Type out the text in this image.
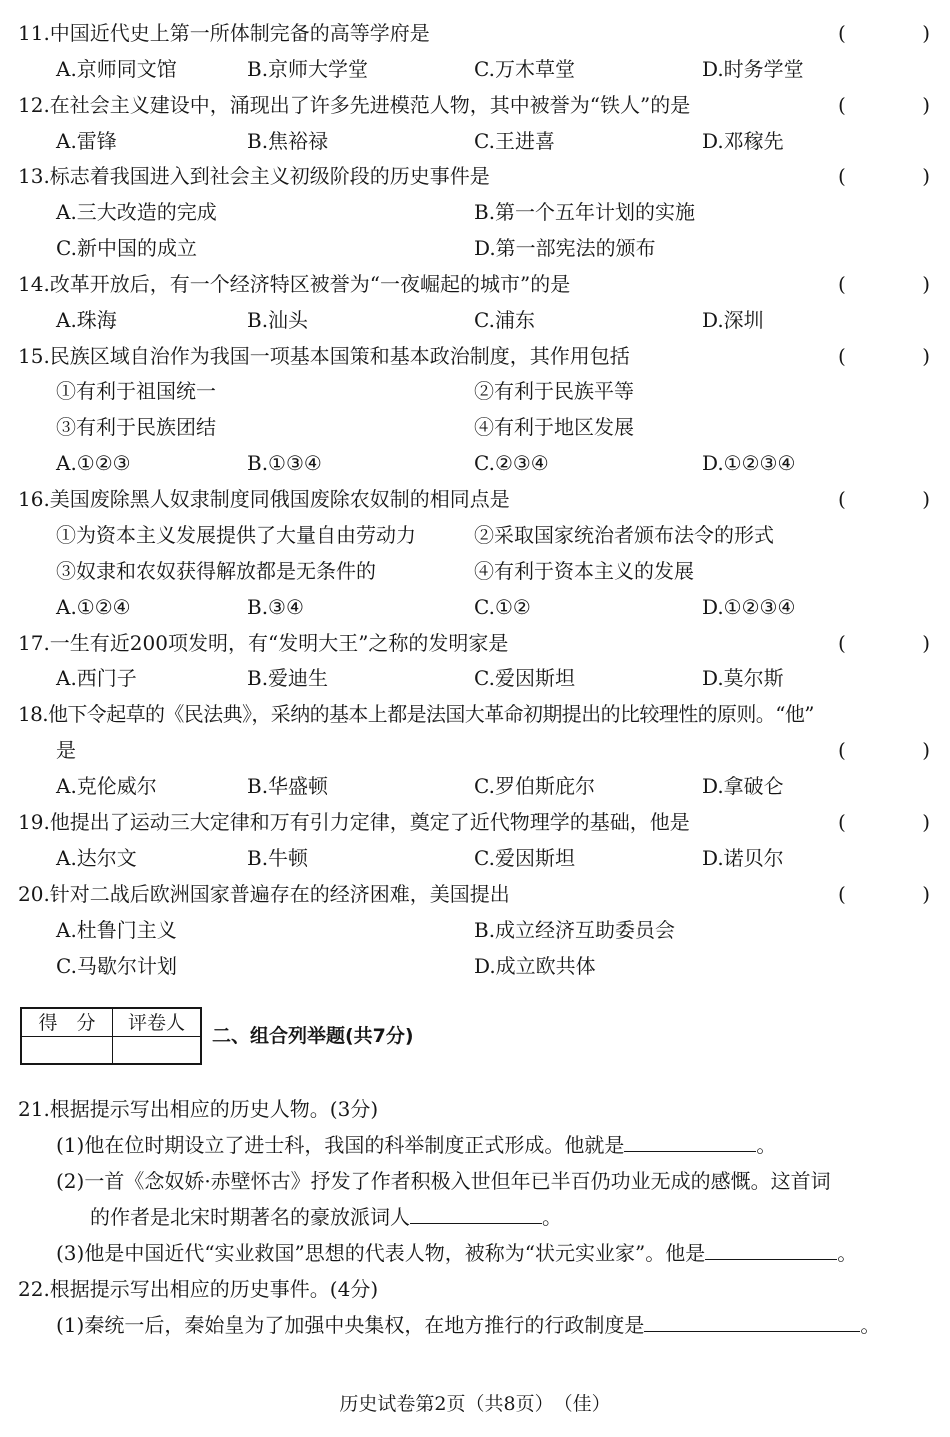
11.中国近代史上第一所体制完备的高等学府是	(	)
A.京师同文馆	B.京师大学堂	C.万木草堂	D.时务学堂
12.在社会主义建设中，涌现出了许多先进模范人物，其中被誉为“铁人”的是	(	)
A.雷锋	B.焦裕禄	C.王进喜	D.邓稼先
13.标志着我国进入到社会主义初级阶段的历史事件是	(	)
A.三大改造的完成	B.第一个五年计划的实施
C.新中国的成立	D.第一部宪法的颁布
14.改革开放后，有一个经济特区被誉为“一夜崛起的城市”的是	(	)
A.珠海	B.汕头	C.浦东	D.深圳
15.民族区域自治作为我国一项基本国策和基本政治制度，其作用包括	(	)
①有利于祖国统一	②有利于民族平等
③有利于民族团结	④有利于地区发展
A.①②③	B.①③④	C.②③④	D.①②③④
16.美国废除黑人奴隶制度同俄国废除农奴制的相同点是	(	)
①为资本主义发展提供了大量自由劳动力	②采取国家统治者颁布法令的形式
③奴隶和农奴获得解放都是无条件的	④有利于资本主义的发展
A.①②④	B.③④	C.①②	D.①②③④
17.一生有近200项发明，有“发明大王”之称的发明家是	(	)
A.西门子	B.爱迪生	C.爱因斯坦	D.莫尔斯
18.他下令起草的《民法典》，采纳的基本上都是法国大革命初期提出的比较理性的原则。“他”
是	(	)
A.克伦威尔	B.华盛顿	C.罗伯斯庇尔	D.拿破仑
19.他提出了运动三大定律和万有引力定律，奠定了近代物理学的基础，他是	(	)
A.达尔文	B.牛顿	C.爱因斯坦	D.诺贝尔
20.针对二战后欧洲国家普遍存在的经济困难，美国提出	(	)
A.杜鲁门主义	B.成立经济互助委员会
C.马歇尔计划	D.成立欧共体
得　分	评卷人
二、组合列举题(共7分)
21.根据提示写出相应的历史人物。(3分)
(1)他在位时期设立了进士科，我国的科举制度正式形成。他就是	。
(2)一首《念奴娇·赤壁怀古》抒发了作者积极入世但年已半百仍功业无成的感慨。这首词
的作者是北宋时期著名的豪放派词人	。
(3)他是中国近代“实业救国”思想的代表人物，被称为“状元实业家”。他是	。
22.根据提示写出相应的历史事件。(4分)
(1)秦统一后，秦始皇为了加强中央集权，在地方推行的行政制度是	。
历史试卷第2页（共8页）　（佳）
